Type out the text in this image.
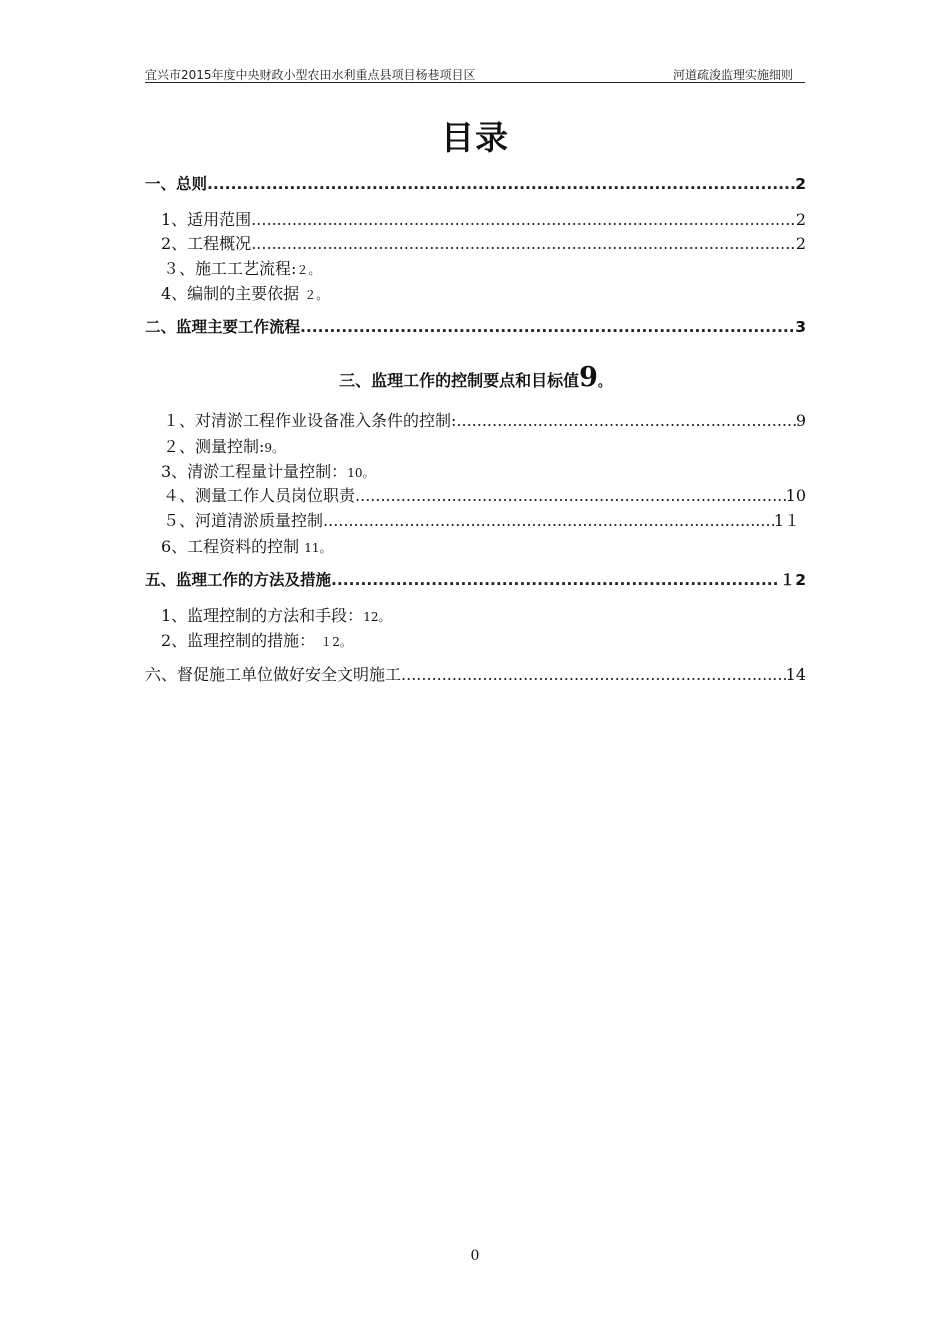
宜兴市2015年度中央财政小型农田水利重点县项目杨巷项目区	河道疏浚监理实施细则
目录
一、总则 .....	2
1、适用范围 .....	2
2、工程概况 .....	2
３、施工工艺流程:２。
4、编制的主要依据 ２。
二、监理主要工作流程 .....	3
三、监理工作的控制要点和目标值9。
１、对清淤工程作业设备准入条件的控制: .....	9
２、测量控制:9。
3、清淤工程量计量控制：10。
４、测量工作人员岗位职责 .....	10
５、河道清淤质量控制 .....	1１
6、工程资料的控制 11。
五、监理工作的方法及措施 .....	１2
1、监理控制的方法和手段：12。
2、监理控制的措施： １2。
六、督促施工单位做好安全文明施工 .....	14
0
